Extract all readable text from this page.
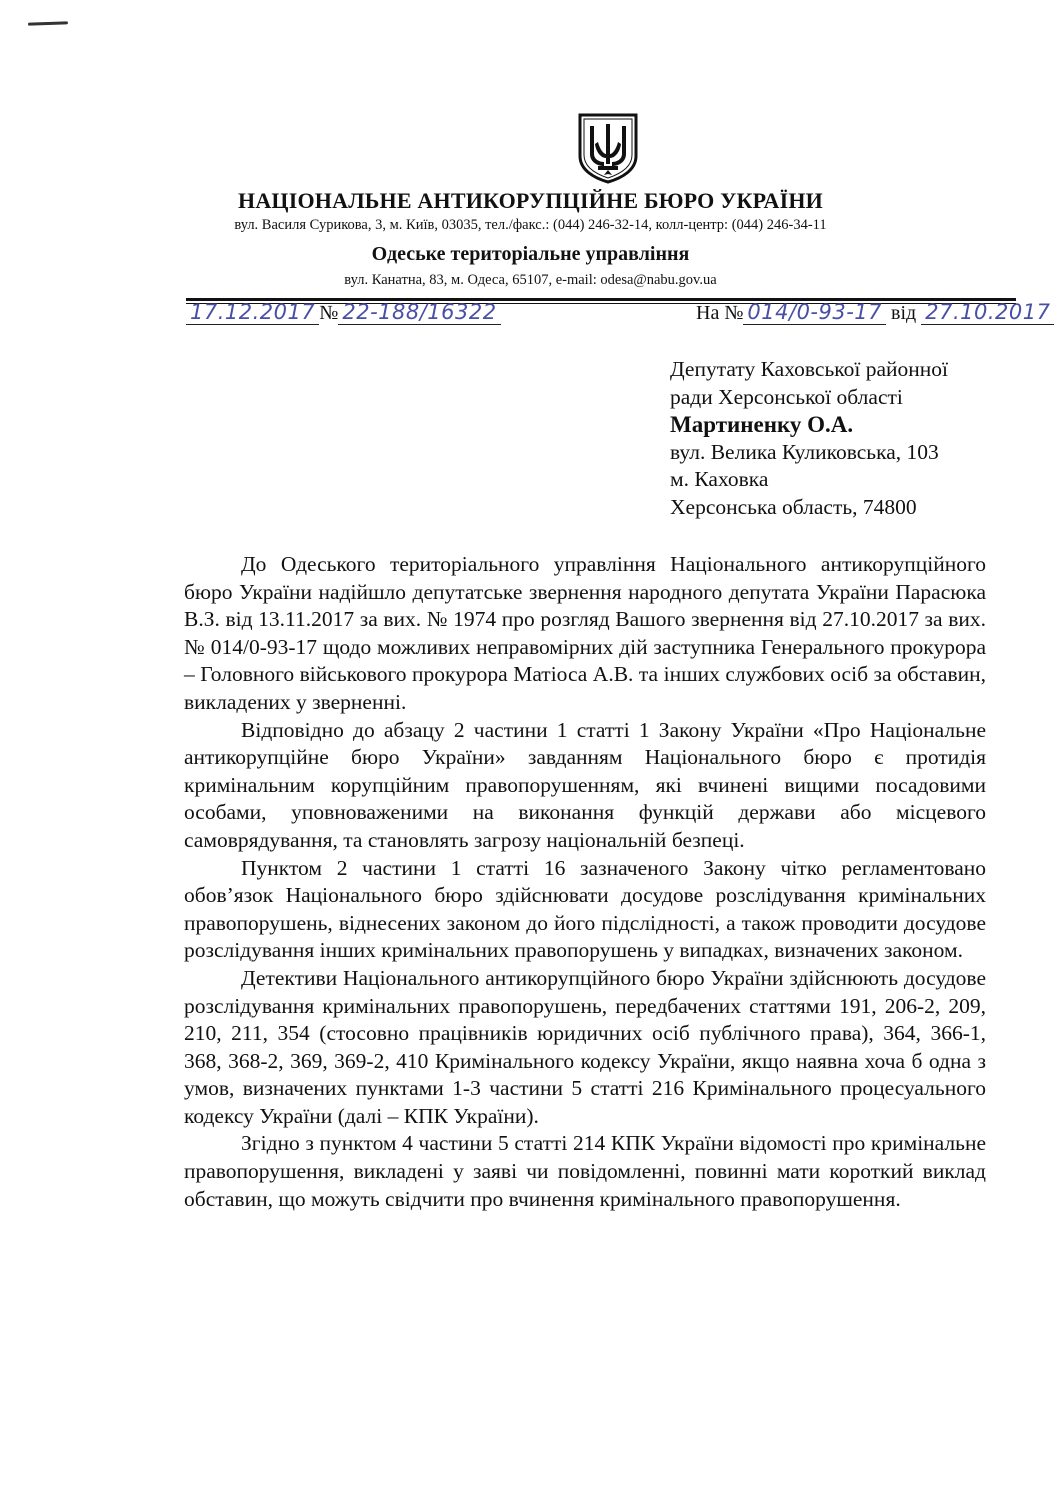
НАЦІОНАЛЬНЕ АНТИКОРУПЦІЙНЕ БЮРО УКРАЇНИ
вул. Василя Сурикова, 3, м. Київ, 03035, тел./факс.: (044) 246-32-14, колл-центр: (044) 246-34-11
Одеське територіальне управління
вул. Канатна, 83, м. Одеса, 65107, e-mail: odesa@nabu.gov.ua
17.12.2017 № 22-188/16322	На № 014/0-93-17 від 27.10.2017
Депутату Каховської районної
ради Херсонської області
Мартиненку О.А.
вул. Велика Куликовська, 103
м. Каховка
Херсонська область, 74800

До Одеського територіального управління Національного антикорупційного бюро України надійшло депутатське звернення народного депутата України Парасюка В.З. від 13.11.2017 за вих. № 1974 про розгляд Вашого звернення від 27.10.2017 за вих. № 014/0-93-17 щодо можливих неправомірних дій заступника Генерального прокурора – Головного військового прокурора Матіоса А.В. та інших службових осіб за обставин, викладених у зверненні.

Відповідно до абзацу 2 частини 1 статті 1 Закону України «Про Національне антикорупційне бюро України» завданням Національного бюро є протидія кримінальним корупційним правопорушенням, які вчинені вищими посадовими особами, уповноваженими на виконання функцій держави або місцевого самоврядування, та становлять загрозу національній безпеці.

Пунктом 2 частини 1 статті 16 зазначеного Закону чітко регламентовано обов’язок Національного бюро здійснювати досудове розслідування кримінальних правопорушень, віднесених законом до його підслідності, а також проводити досудове розслідування інших кримінальних правопорушень у випадках, визначених законом.

Детективи Національного антикорупційного бюро України здійснюють досудове розслідування кримінальних правопорушень, передбачених статтями 191, 206-2, 209, 210, 211, 354 (стосовно працівників юридичних осіб публічного права), 364, 366-1, 368, 368-2, 369, 369-2, 410 Кримінального кодексу України, якщо наявна хоча б одна з умов, визначених пунктами 1-3 частини 5 статті 216 Кримінального процесуального кодексу України (далі – КПК України).

Згідно з пунктом 4 частини 5 статті 214 КПК України відомості про кримінальне правопорушення, викладені у заяві чи повідомленні, повинні мати короткий виклад обставин, що можуть свідчити про вчинення кримінального правопорушення.
